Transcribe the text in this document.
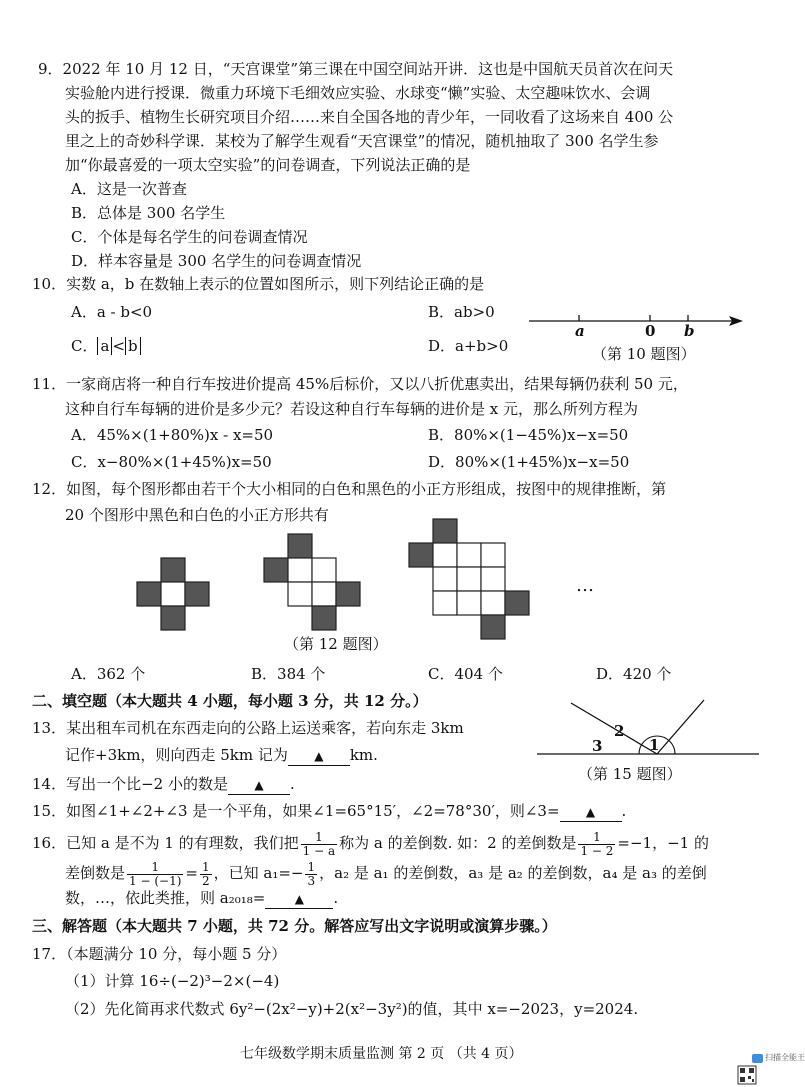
9．2022 年 10 月 12 日，“天宫课堂”第三课在中国空间站开讲．这也是中国航天员首次在问天
实验舱内进行授课．微重力环境下毛细效应实验、水球变“懒”实验、太空趣味饮水、会调
头的扳手、植物生长研究项目介绍……来自全国各地的青少年，一同收看了这场来自 400 公
里之上的奇妙科学课．某校为了解学生观看“天宫课堂”的情况，随机抽取了 300 名学生参
加“你最喜爱的一项太空实验”的问卷调查，下列说法正确的是
A．这是一次普查
B．总体是 300 名学生
C．个体是每名学生的问卷调查情况
D．样本容量是 300 名学生的问卷调查情况
10．实数 a，b 在数轴上表示的位置如图所示，则下列结论正确的是
A．a - b<0	B．ab>0
C． a < b	D．a+b>0
a	0 b
（第 10 题图）
11．一家商店将一种自行车按进价提高 45%后标价，又以八折优惠卖出，结果每辆仍获利 50 元，
这种自行车每辆的进价是多少元？若设这种自行车每辆的进价是 x 元，那么所列方程为
A．45%×(1+80%)x - x=50	B．80%×(1−45%)x−x=50
C．x−80%×(1+45%)x=50	D．80%×(1+45%)x−x=50
12．如图，每个图形都由若干个大小相同的白色和黑色的小正方形组成，按图中的规律推断，第
20 个图形中黑色和白色的小正方形共有
…
（第 12 题图）
A．362 个	B．384 个	C．404 个	D．420 个
二、填空题（本大题共 4 小题，每小题 3 分，共 12 分。）
13．某出租车司机在东西走向的公路上运送乘客，若向东走 3km
记作+3km，则向西走 5km 记为 ▲ km.
1
2
3
（第 15 题图）
14．写出一个比−2 小的数是 ▲ .
15．如图∠1+∠2+∠3 是一个平角，如果∠1=65°15′，∠2=78°30′，则∠3= ▲ .
16．已知 a 是不为 1 的有理数，我们把 $\frac{1}{1 - a}$ 称为 a 的差倒数. 如：2 的差倒数是 $\frac{1}{1 - 2} =-1$，−1 的
差倒数是 $\frac{1}{1 - (-1)} = \frac{1}{2}$ ，已知 $a_1=- \frac{1}{3}$ ，a₂ 是 a₁ 的差倒数，a₃ 是 a₂ 的差倒数，a₄ 是 a₃ 的差倒
数，…，依此类推，则 a₂₀₁₈= ▲ .
三、解答题（本大题共 7 小题，共 72 分。解答应写出文字说明或演算步骤。）
17．（本题满分 10 分，每小题 5 分）
（1）计算 16÷(−2)³−2×(−4)
（2）先化简再求代数式 6y²−(2x²−y)+2(x²−3y²)的值，其中 x=−2023，y=2024.
七年级数学期末质量监测 第 2 页 （共 4 页）	扫描全能王
